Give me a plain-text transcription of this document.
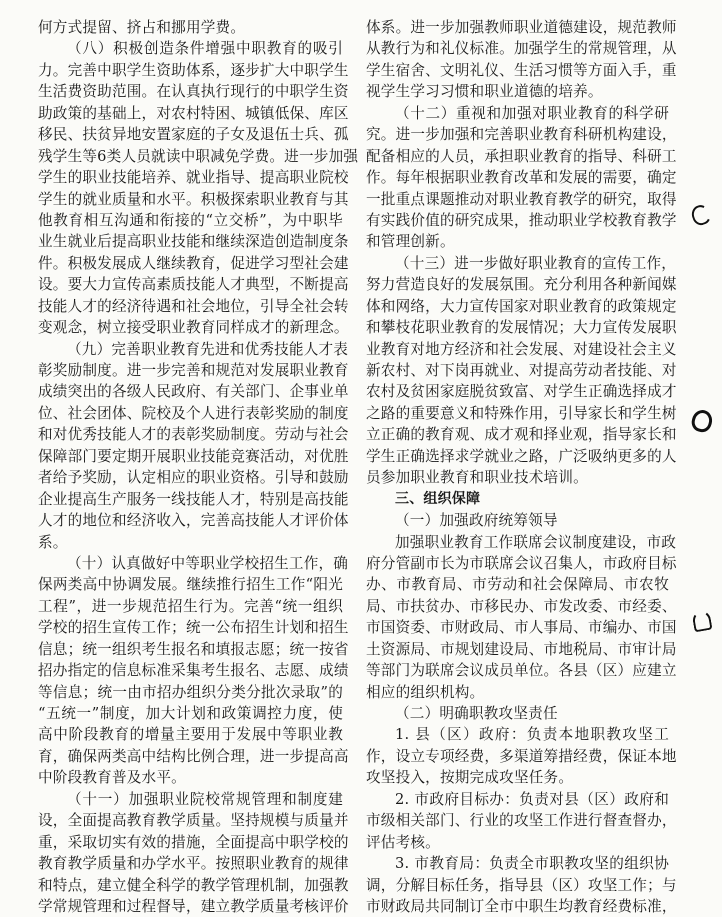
何方式提留、挤占和挪用学费。
（八）积极创造条件增强中职教育的吸引
力。完善中职学生资助体系，逐步扩大中职学生
生活费资助范围。在认真执行现行的中职学生资
助政策的基础上，对农村特困、城镇低保、库区
移民、扶贫异地安置家庭的子女及退伍士兵、孤
残学生等6类人员就读中职减免学费。进一步加强
学生的职业技能培养、就业指导、提高职业院校
学生的就业质量和水平。积极探索职业教育与其
他教育相互沟通和衔接的“立交桥”，为中职毕
业生就业后提高职业技能和继续深造创造制度条
件。积极发展成人继续教育，促进学习型社会建
设。要大力宣传高素质技能人才典型，不断提高
技能人才的经济待遇和社会地位，引导全社会转
变观念，树立接受职业教育同样成才的新理念。
（九）完善职业教育先进和优秀技能人才表
彰奖励制度。进一步完善和规范对发展职业教育
成绩突出的各级人民政府、有关部门、企事业单
位、社会团体、院校及个人进行表彰奖励的制度
和对优秀技能人才的表彰奖励制度。劳动与社会
保障部门要定期开展职业技能竞赛活动，对优胜
者给予奖励，认定相应的职业资格。引导和鼓励
企业提高生产服务一线技能人才，特别是高技能
人才的地位和经济收入，完善高技能人才评价体
系。
（十）认真做好中等职业学校招生工作，确
保两类高中协调发展。继续推行招生工作“阳光
工程”，进一步规范招生行为。完善“统一组织
学校的招生宣传工作；统一公布招生计划和招生
信息；统一组织考生报名和填报志愿；统一按省
招办指定的信息标准采集考生报名、志愿、成绩
等信息；统一由市招办组织分类分批次录取”的
“五统一”制度，加大计划和政策调控力度，使
高中阶段教育的增量主要用于发展中等职业教
育，确保两类高中结构比例合理，进一步提高高
中阶段教育普及水平。
（十一）加强职业院校常规管理和制度建
设，全面提高教育教学质量。坚持规模与质量并
重，采取切实有效的措施，全面提高中职学校的
教育教学质量和办学水平。按照职业教育的规律
和特点，建立健全科学的教学管理机制，加强教
学常规管理和过程督导，建立教学质量考核评价
体系。进一步加强教师职业道德建设，规范教师
从教行为和礼仪标准。加强学生的常规管理，从
学生宿舍、文明礼仪、生活习惯等方面入手，重
视学生学习习惯和职业道德的培养。
（十二）重视和加强对职业教育的科学研
究。进一步加强和完善职业教育科研机构建设，
配备相应的人员，承担职业教育的指导、科研工
作。每年根据职业教育改革和发展的需要，确定
一批重点课题推动对职业教育教学的研究，取得
有实践价值的研究成果，推动职业学校教育教学
和管理创新。
（十三）进一步做好职业教育的宣传工作，
努力营造良好的发展氛围。充分利用各种新闻媒
体和网络，大力宣传国家对职业教育的政策规定
和攀枝花职业教育的发展情况；大力宣传发展职
业教育对地方经济和社会发展、对建设社会主义
新农村、对下岗再就业、对提高劳动者技能、对
农村及贫困家庭脱贫致富、对学生正确选择成才
之路的重要意义和特殊作用，引导家长和学生树
立正确的教育观、成才观和择业观，指导家长和
学生正确选择求学就业之路，广泛吸纳更多的人
员参加职业教育和职业技术培训。
三、组织保障
（一）加强政府统筹领导
加强职业教育工作联席会议制度建设，市政
府分管副市长为市联席会议召集人，市政府目标
办、市教育局、市劳动和社会保障局、市农牧
局、市扶贫办、市移民办、市发改委、市经委、
市国资委、市财政局、市人事局、市编办、市国
土资源局、市规划建设局、市地税局、市审计局
等部门为联席会议成员单位。各县（区）应建立
相应的组织机构。
（二）明确职教攻坚责任
1. 县（区）政府：负责本地职教攻坚工
作，设立专项经费，多渠道筹措经费，保证本地
攻坚投入，按期完成攻坚任务。
2. 市政府目标办：负责对县（区）政府和
市级相关部门、行业的攻坚工作进行督查督办，
评估考核。
3. 市教育局：负责全市职教攻坚的组织协
调，分解目标任务，指导县（区）攻坚工作；与
市财政局共同制订全市中职生均教育经费标准，
